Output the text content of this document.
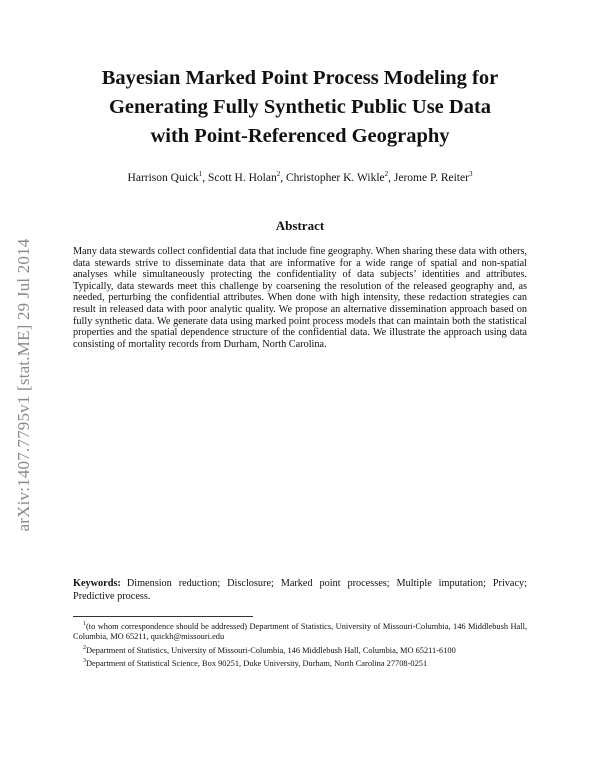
arXiv:1407.7795v1 [stat.ME] 29 Jul 2014
Bayesian Marked Point Process Modeling for
Generating Fully Synthetic Public Use Data
with Point-Referenced Geography
Harrison Quick$^1$, Scott H. Holan$^2$, Christopher K. Wikle$^2$, Jerome P. Reiter$^3$
Abstract

Many data stewards collect confidential data that include fine geography. When sharing these data with others, data stewards strive to disseminate data that are informative for a wide range of spatial and non-spatial analyses while simultaneously protecting the confidentiality of data subjects’ identities and attributes. Typically, data stewards meet this challenge by coarsening the resolution of the released geography and, as needed, perturbing the confidential attributes. When done with high intensity, these redaction strategies can result in released data with poor analytic quality. We propose an alternative dissemination approach based on fully synthetic data. We generate data using marked point process models that can maintain both the statistical properties and the spatial dependence structure of the confidential data. We illustrate the approach using data consisting of mortality records from Durham, North Carolina.

Keywords: Dimension reduction; Disclosure; Marked point processes; Multiple imputation; Privacy; Predictive process.
$^1$(to whom correspondence should be addressed) Department of Statistics, University of Missouri-Columbia, 146 Middlebush Hall, Columbia, MO 65211, quickh@missouri.edu
$^2$Department of Statistics, University of Missouri-Columbia, 146 Middlebush Hall, Columbia, MO 65211-6100
$^3$Department of Statistical Science, Box 90251, Duke University, Durham, North Carolina 27708-0251
